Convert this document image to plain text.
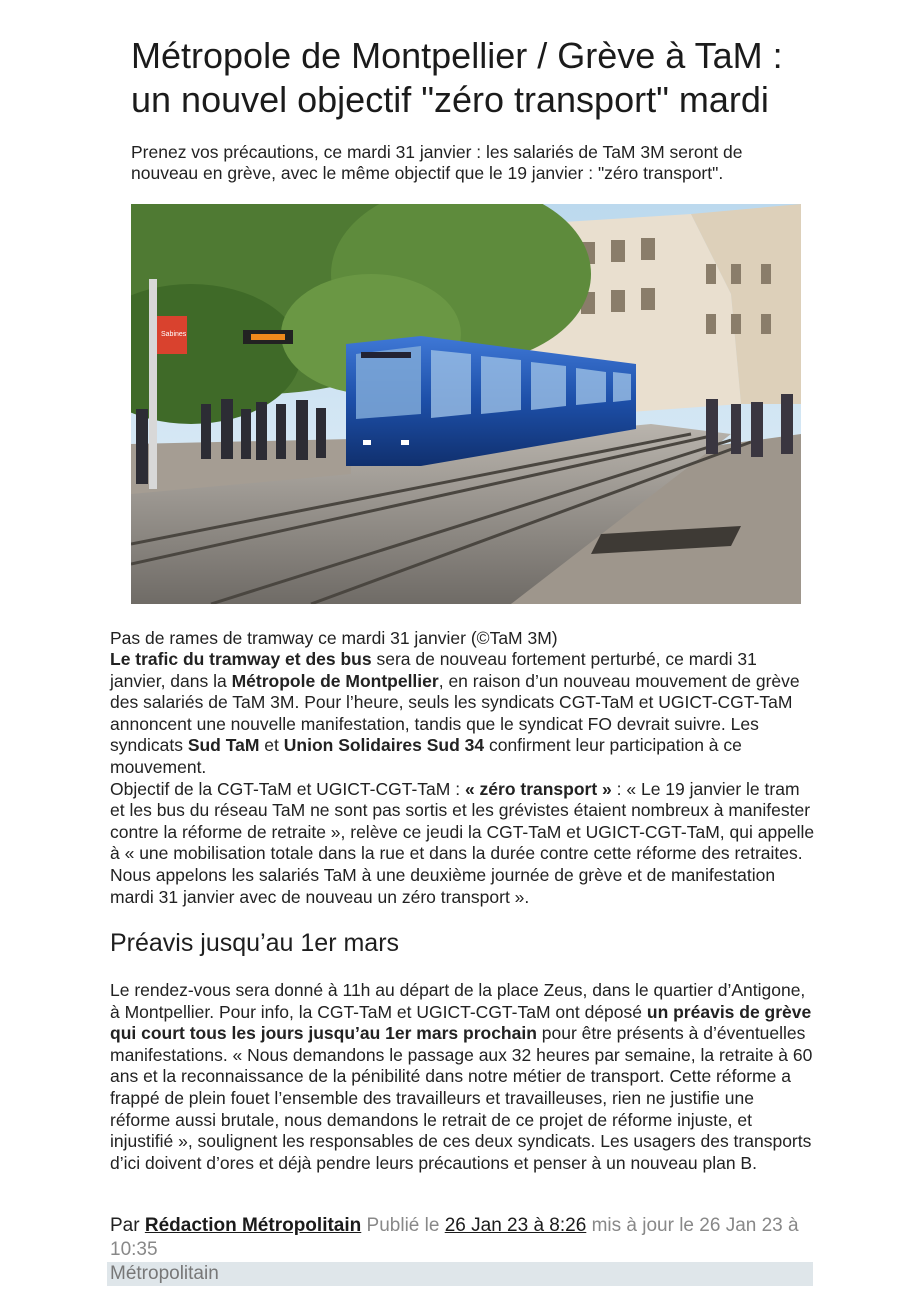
Métropole de Montpellier / Grève à TaM : un nouvel objectif "zéro transport" mardi

Prenez vos précautions, ce mardi 31 janvier : les salariés de TaM 3M seront de nouveau en grève, avec le même objectif que le 19 janvier : "zéro transport".

Sabines

Pas de rames de tramway ce mardi 31 janvier (©TaM 3M)

Le trafic du tramway et des bus sera de nouveau fortement perturbé, ce mardi 31 janvier, dans la Métropole de Montpellier, en raison d’un nouveau mouvement de grève des salariés de TaM 3M. Pour l’heure, seuls les syndicats CGT-TaM et UGICT-CGT-TaM annoncent une nouvelle manifestation, tandis que le syndicat FO devrait suivre. Les syndicats Sud TaM et Union Solidaires Sud 34 confirment leur participation à ce mouvement.

Objectif de la CGT-TaM et UGICT-CGT-TaM : « zéro transport » : « Le 19 janvier le tram et les bus du réseau TaM ne sont pas sortis et les grévistes étaient nombreux à manifester contre la réforme de retraite », relève ce jeudi la CGT-TaM et UGICT-CGT-TaM, qui appelle à « une mobilisation totale dans la rue et dans la durée contre cette réforme des retraites. Nous appelons les salariés TaM à une deuxième journée de grève et de manifestation mardi 31 janvier avec de nouveau un zéro transport ».

Préavis jusqu’au 1er mars

Le rendez-vous sera donné à 11h au départ de la place Zeus, dans le quartier d’Antigone, à Montpellier. Pour info, la CGT-TaM et UGICT-CGT-TaM ont déposé un préavis de grève qui court tous les jours jusqu’au 1er mars prochain pour être présents à d’éventuelles manifestations. « Nous demandons le passage aux 32 heures par semaine, la retraite à 60 ans et la reconnaissance de la pénibilité dans notre métier de transport. Cette réforme a frappé de plein fouet l’ensemble des travailleurs et travailleuses, rien ne justifie une réforme aussi brutale, nous demandons le retrait de ce projet de réforme injuste, et injustifié », soulignent les responsables de ces deux syndicats. Les usagers des transports d’ici doivent d’ores et déjà pendre leurs précautions et penser à un nouveau plan B.

Par Rédaction Métropolitain Publié le 26 Jan 23 à 8:26 mis à jour le 26 Jan 23 à 10:35

Métropolitain
